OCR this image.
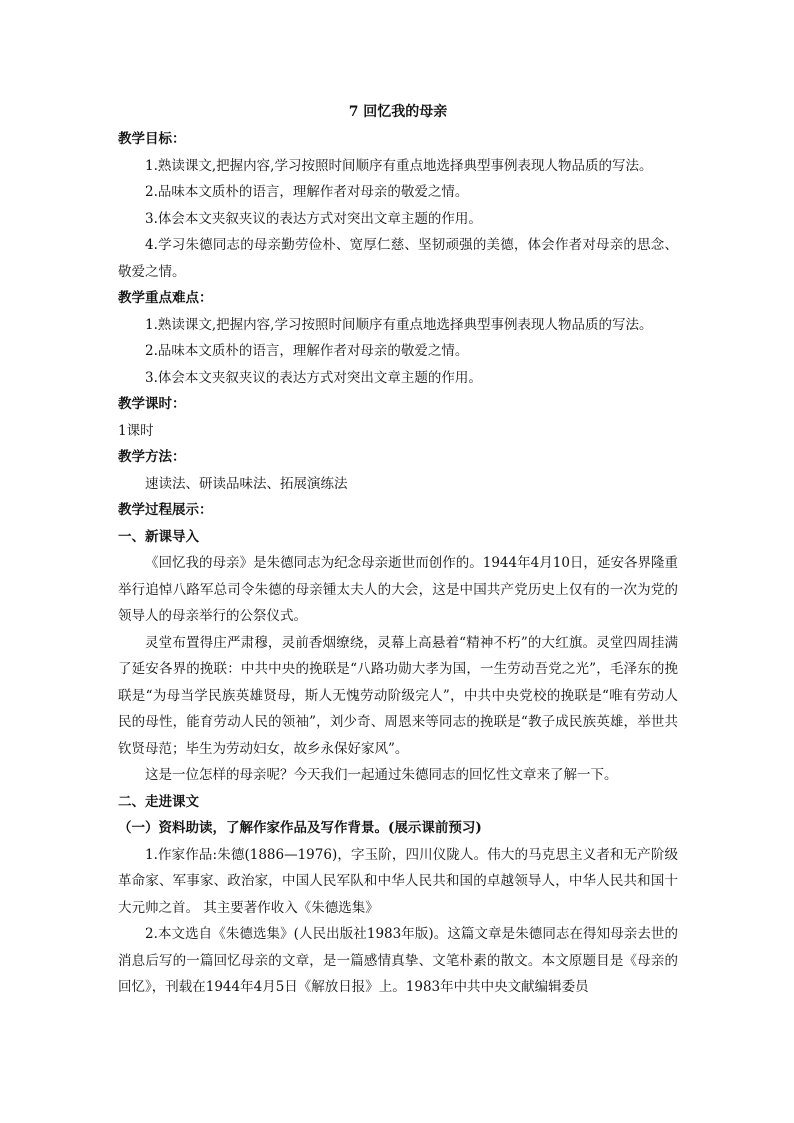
7 回忆我的母亲

教学目标：

1.熟读课文,把握内容,学习按照时间顺序有重点地选择典型事例表现人物品质的写法。

2.品味本文质朴的语言，理解作者对母亲的敬爱之情。

3.体会本文夹叙夹议的表达方式对突出文章主题的作用。

4.学习朱德同志的母亲勤劳俭朴、宽厚仁慈、坚韧顽强的美德，体会作者对母亲的思念、敬爱之情。

教学重点难点：

1.熟读课文,把握内容,学习按照时间顺序有重点地选择典型事例表现人物品质的写法。

2.品味本文质朴的语言，理解作者对母亲的敬爱之情。

3.体会本文夹叙夹议的表达方式对突出文章主题的作用。

教学课时：

1课时

教学方法：

速读法、研读品味法、拓展演练法

教学过程展示：

一、新课导入

《回忆我的母亲》是朱德同志为纪念母亲逝世而创作的。1944年4月10日，延安各界隆重举行追悼八路军总司令朱德的母亲锺太夫人的大会，这是中国共产党历史上仅有的一次为党的领导人的母亲举行的公祭仪式。

灵堂布置得庄严肃穆，灵前香烟缭绕，灵幕上高悬着“精神不朽”的大红旗。灵堂四周挂满了延安各界的挽联：中共中央的挽联是“八路功勋大孝为国，一生劳动吾党之光”，毛泽东的挽联是“为母当学民族英雄贤母，斯人无愧劳动阶级完人”，中共中央党校的挽联是“唯有劳动人民的母性，能育劳动人民的领袖”，刘少奇、周恩来等同志的挽联是“教子成民族英雄，举世共钦贤母范；毕生为劳动妇女，故乡永保好家风”。

这是一位怎样的母亲呢？今天我们一起通过朱德同志的回忆性文章来了解一下。

二、走进课文

（一）资料助读，了解作家作品及写作背景。(展示课前预习)

1.作家作品:朱德(1886—1976)，字玉阶，四川仪陇人。伟大的马克思主义者和无产阶级革命家、军事家、政治家，中国人民军队和中华人民共和国的卓越领导人，中华人民共和国十大元帅之首。 其主要著作收入《朱德选集》

2.本文选自《朱德选集》(人民出版社1983年版)。这篇文章是朱德同志在得知母亲去世的消息后写的一篇回忆母亲的文章，是一篇感情真挚、文笔朴素的散文。本文原题目是《母亲的回忆》，刊载在1944年4月5日《解放日报》上。1983年中共中央文献编辑委员
